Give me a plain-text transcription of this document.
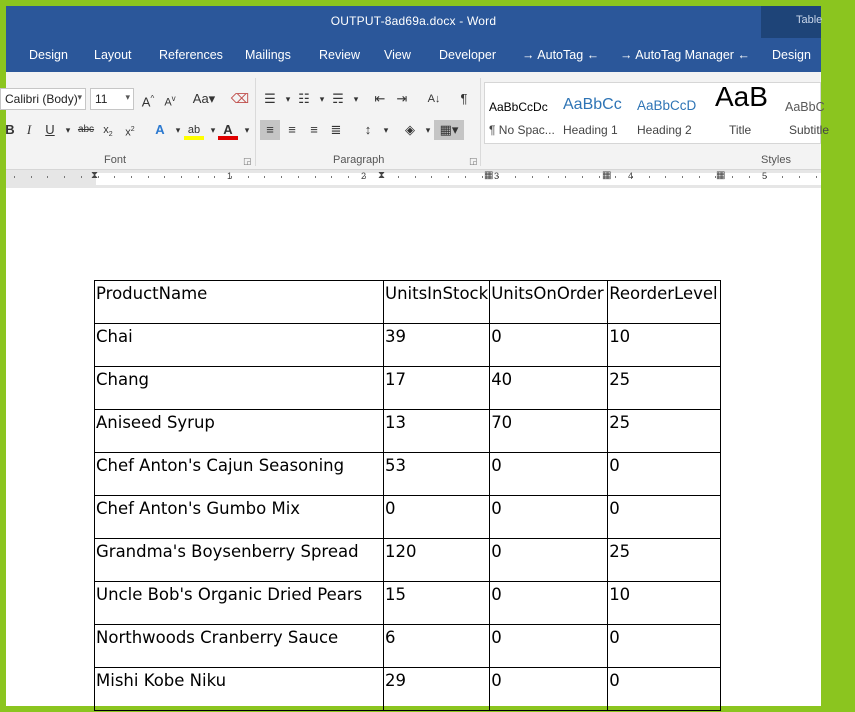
OUTPUT-8ad69a.docx - Word	Table
Design Layout References Mailings Review View Developer → AutoTag ← → AutoTag Manager ← Design
Calibri (Body) ▾	11 ▾ A^ $A^v$	Aa▾	⌫
B I	U	▾ abc $x_2$	$x^2$	A	▾ ab	▾ A	▾
Font	◲
☰	▾ ☷	▾ ☴	▾	⇤ ⇥	A↓	¶
≡	≡	≡ ≣	↕	▾	◈	▾ ▦▾
Paragraph	◲
AaBbCcDc
¶ No Spac...
AaBbCc
Heading 1
AaBbCcD
Heading 2
AaB
Title
AaBbC
Subtitle
Styles
1	2	3	4	5
⧗	⧗	▦	▦	▦
ProductName	UnitsInStock	UnitsOnOrder	ReorderLevel
Chai	39	0	10
Chang	17	40	25
Aniseed Syrup	13	70	25
Chef Anton's Cajun Seasoning	53	0	0
Chef Anton's Gumbo Mix	0	0	0
Grandma's Boysenberry Spread	120	0	25
Uncle Bob's Organic Dried Pears	15	0	10
Northwoods Cranberry Sauce	6	0	0
Mishi Kobe Niku	29	0	0
